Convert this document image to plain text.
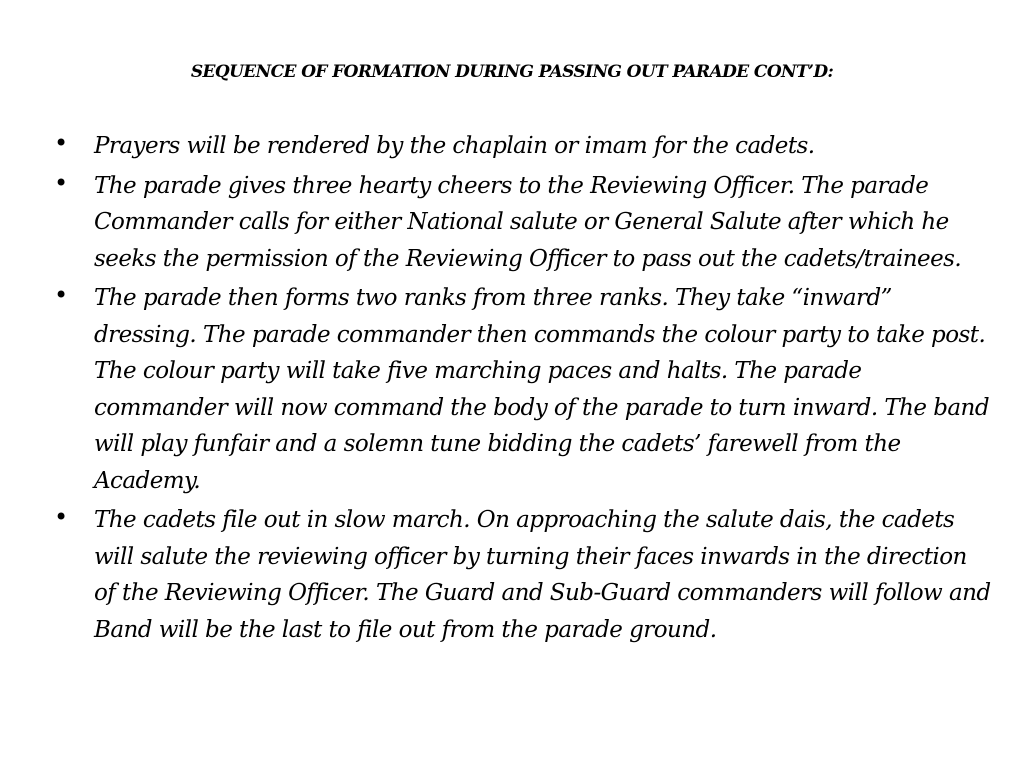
SEQUENCE OF FORMATION DURING PASSING OUT PARADE CONT’D:
• Prayers will be rendered by the chaplain or imam for the cadets.
• The parade gives three hearty cheers to the Reviewing Officer. The parade Commander calls for either National salute or General Salute after which he seeks the permission of the Reviewing Officer to pass out the cadets/trainees.
• The parade then forms two ranks from three ranks. They take “inward” dressing. The parade commander then commands the colour party to take post. The colour party will take five marching paces and halts. The parade commander will now command the body of the parade to turn inward. The band will play funfair and a solemn tune bidding the cadets’ farewell from the Academy.
• The cadets file out in slow march. On approaching the salute dais, the cadets will salute the reviewing officer by turning their faces inwards in the direction of the Reviewing Officer. The Guard and Sub-Guard commanders will follow and Band will be the last to file out from the parade ground.
